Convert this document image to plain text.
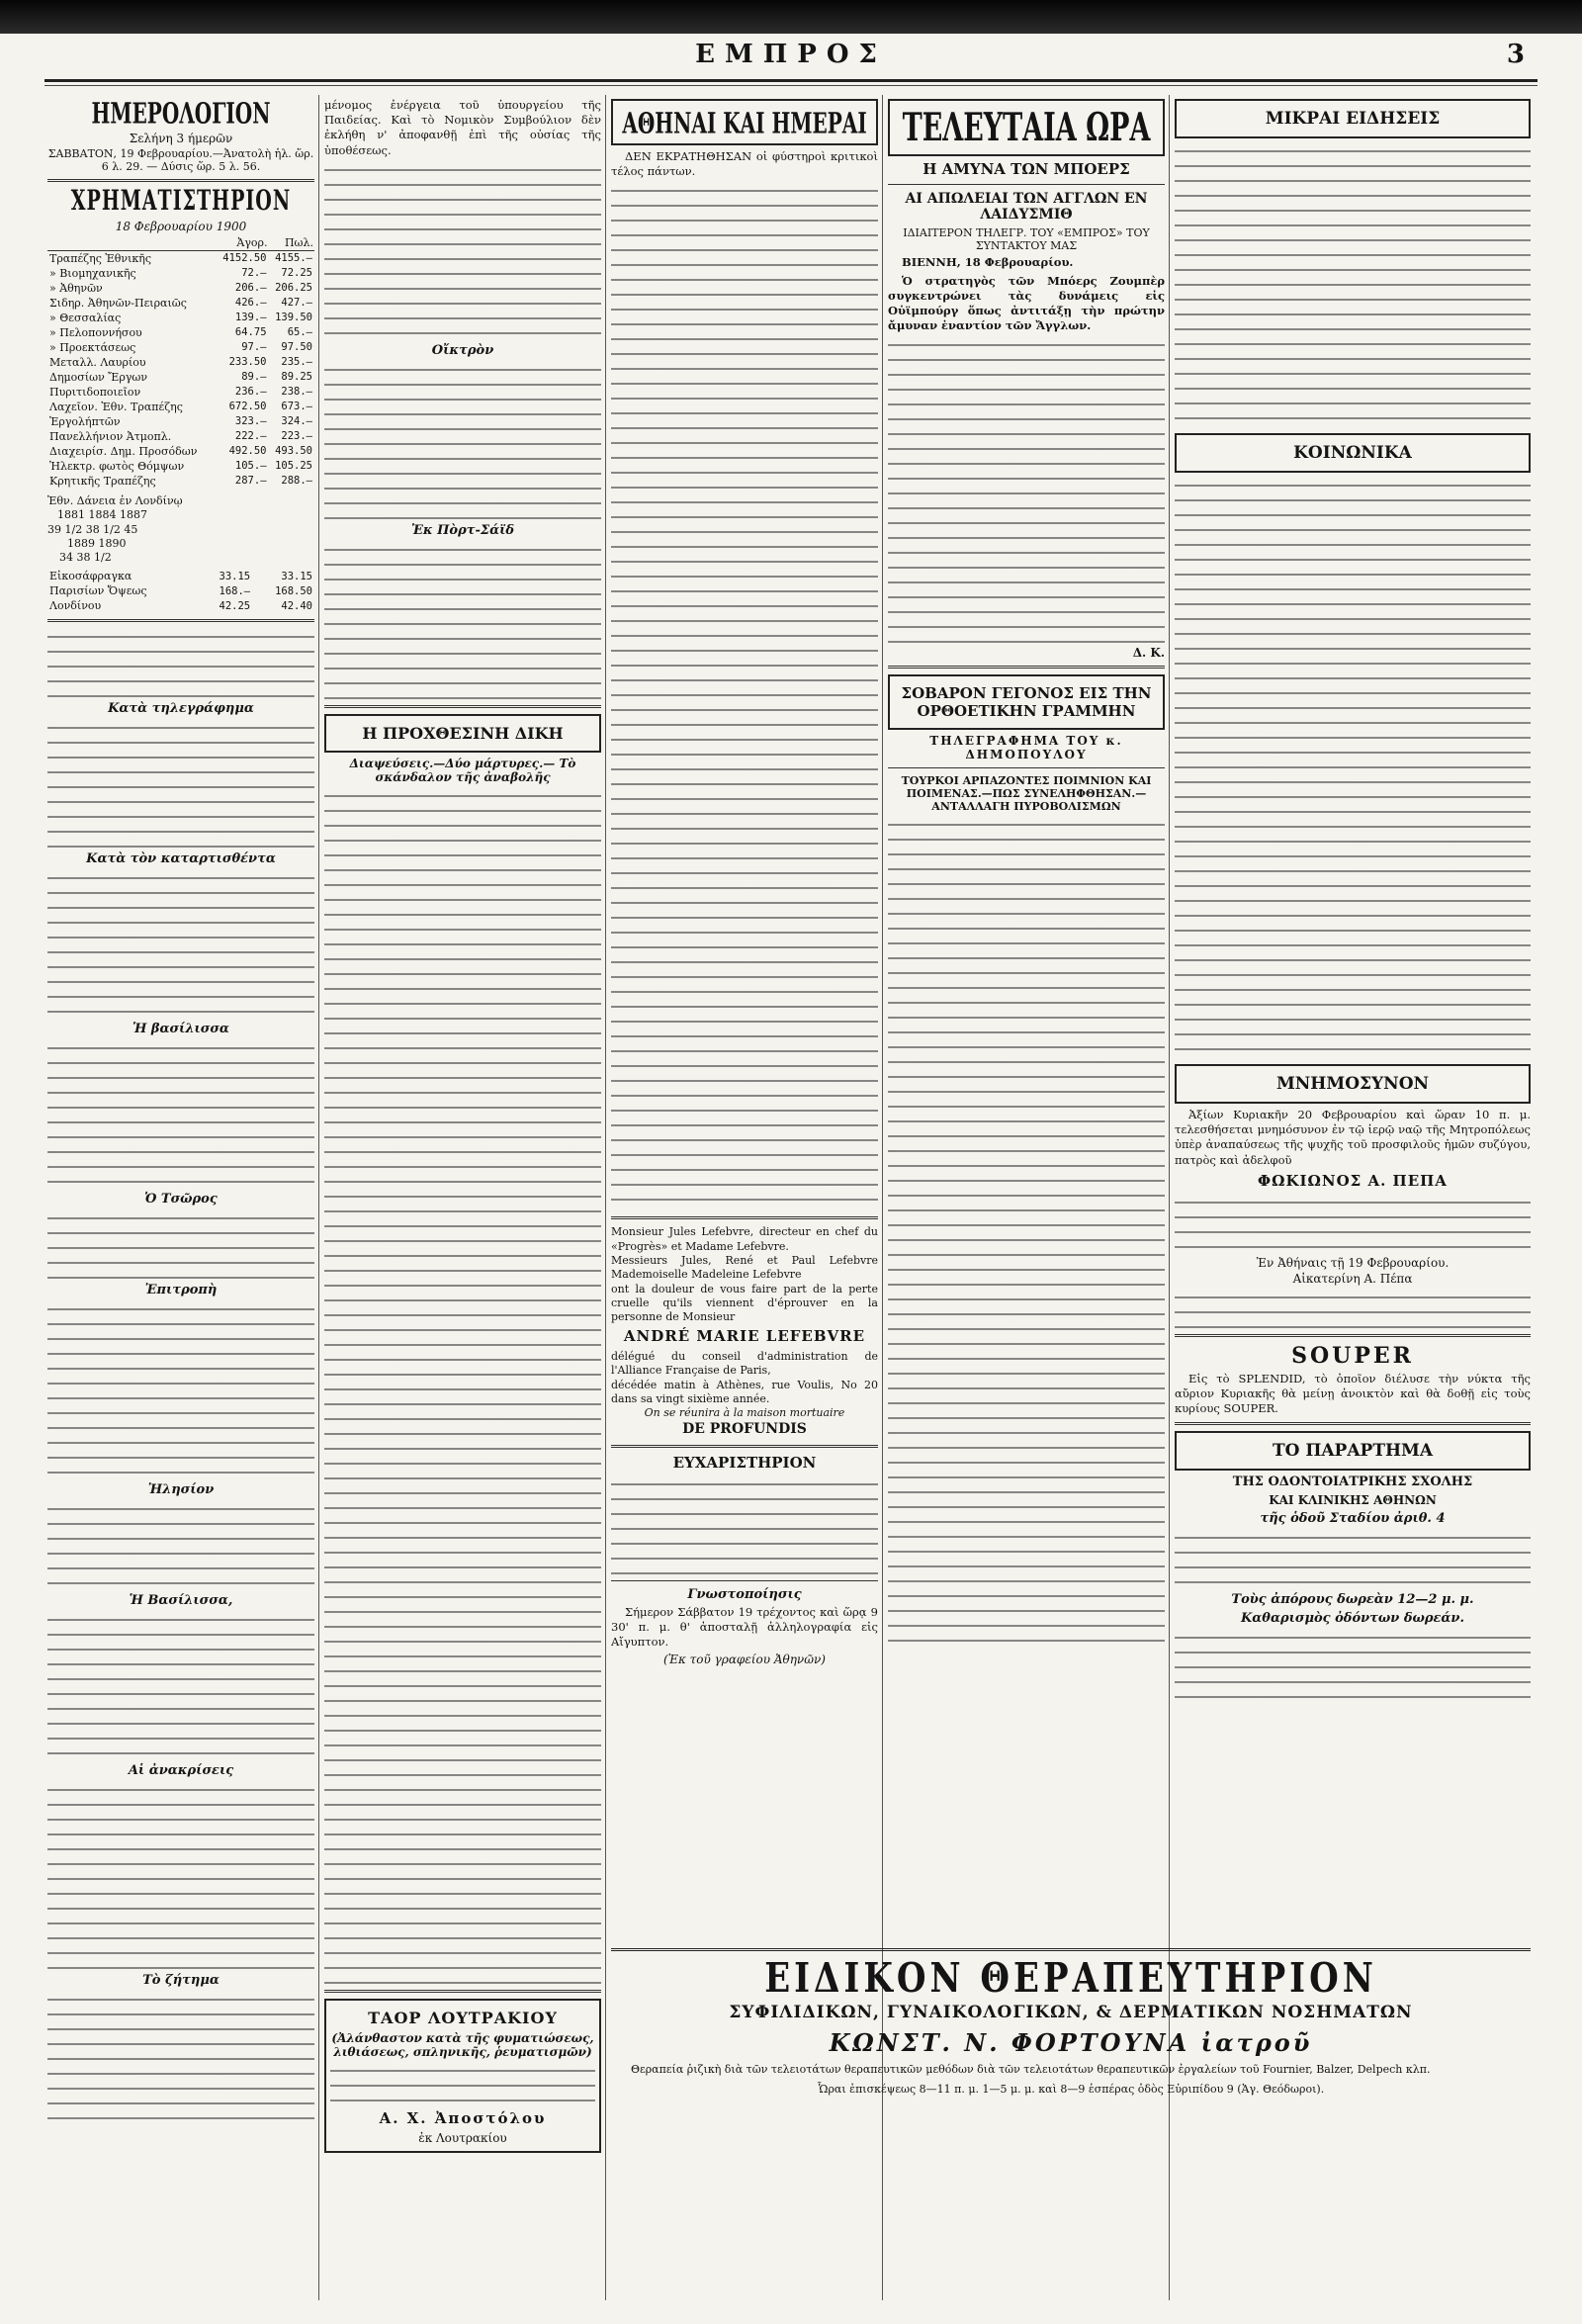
ΕΜΠΡΟΣ	3
ΗΜΕΡΟΛΟΓΙΟΝ
Σελήνη 3 ήμερῶν
ΣΑΒΒΑΤΟΝ, 19 Φεβρουαρίου.—Ἀνατολὴ ἡλ. ὥρ. 6 λ. 29. — Δύσις ὥρ. 5 λ. 56.
ΧΡΗΜΑΤΙΣΤΗΡΙΟΝ
18 Φεβρουαρίου 1900
	Ἀγορ.	Πωλ.
Τραπέζης Ἐθνικῆς	4152.50	4155.—
» Βιομηχανικῆς	72.—	72.25
» Ἀθηνῶν	206.—	206.25
Σιδηρ. Ἀθηνῶν-Πειραιῶς	426.—	427.—
» Θεσσαλίας	139.—	139.50
» Πελοποννήσου	64.75	65.—
» Προεκτάσεως	97.—	97.50
Μεταλλ. Λαυρίου	233.50	235.—
Δημοσίων Ἔργων	89.—	89.25
Πυριτιδοποιεῖον	236.—	238.—
Λαχεῖον. Ἐθν. Τραπέζης	672.50	673.—
Ἐργολήπτῶν	323.—	324.—
Πανελλήνιον Ἀτμοπλ.	222.—	223.—
Διαχειρίσ. Δημ. Προσόδων	492.50	493.50
Ἠλεκτρ. φωτὸς Θόμψων	105.—	105.25
Κρητικῆς Τραπέζης	287.—	288.—
Ἐθν. Δάνεια ἐν Λονδίνῳ
1881 1884 1887
39 1/2 38 1/2 45
1889 1890
34 38 1/2
Εἰκοσάφραγκα	33.15	33.15
Παρισίων Ὄψεως	168.—	168.50
Λονδίνου	42.25	42.40
Κατὰ τηλεγράφημα
Κατὰ τὸν καταρτισθέντα
Ἡ βασίλισσα
Ὁ Τσῶρος
Ἐπιτροπὴ
Ἠλησίον
Ἡ Βασίλισσα,
Αἱ ἀνακρίσεις
Τὸ ζήτημα
μένομος ἐνέργεια τοῦ ὑπουργείου τῆς Παιδείας. Καὶ τὸ Νομικὸν Συμβούλιον δὲν ἐκλήθη ν' ἀποφανθῇ ἐπὶ τῆς οὐσίας τῆς ὑποθέσεως.
Οἴκτρὸν
Ἐκ Πὸρτ-Σάϊδ
Η ΠΡΟΧΘΕΣΙΝΗ ΔΙΚΗ
Διαψεύσεις.—Δύο μάρτυρες.— Τὸ σκάνδαλον τῆς ἀναβολῆς
ΤΑΟΡ ΛΟΥΤΡΑΚΙΟΥ
(Ἀλάνθαστον κατὰ τῆς φυματιώσεως, λιθιάσεως, σπληνικῆς, ῥευματισμῶν)
Α. Χ. Ἀποστόλου
ἐκ Λουτρακίου
ΑΘΗΝΑΙ ΚΑΙ ΗΜΕΡΑΙ
ΔΕΝ ΕΚΡΑΤΗΘΗΣΑΝ οἱ φύστηροὶ κριτικοὶ τέλος πάντων.
Monsieur Jules Lefebvre, directeur en chef du «Progrès» et Madame Lefebvre.
Messieurs Jules, René et Paul Lefebvre Mademoiselle Madeleine Lefebvre
ont la douleur de vous faire part de la perte cruelle qu'ils viennent d'éprouver en la personne de Monsieur
ANDRÉ MARIE LEFEBVRE
délégué du conseil d'administration de l'Alliance Française de Paris,
décédée matin à Athènes, rue Voulis, No 20 dans sa vingt sixième année.
On se réunira à la maison mortuaire
DE PROFUNDIS
ΕΥΧΑΡΙΣΤΗΡΙΟΝ
Γνωστοποίησις
Σήμερον Σάββατον 19 τρέχοντος καὶ ὥρᾳ 9 30' π. μ. θ' ἀποσταλῇ ἀλληλογραφία εἰς Αἴγυπτον.
(Ἐκ τοῦ γραφείου Ἀθηνῶν)
ΤΕΛΕΥΤΑΙΑ ΩΡΑ
Η ΑΜΥΝΑ ΤΩΝ ΜΠΟΕΡΣ
ΑΙ ΑΠΩΛΕΙΑΙ ΤΩΝ ΑΓΓΛΩΝ ΕΝ ΛΑΙΔΥΣΜΙΘ
ΙΔΙΑΙΤΕΡΟΝ ΤΗΛΕΓΡ. ΤΟΥ «ΕΜΠΡΟΣ» ΤΟΥ ΣΥΝΤΑΚΤΟΥ ΜΑΣ
ΒΙΕΝΝΗ, 18 Φεβρουαρίου.
Ὁ στρατηγὸς τῶν Μπόερς Ζουμπὲρ συγκεντρώνει τὰς δυνάμεις εἰς Οὐϊμπούργ ὅπως ἀντιτάξῃ τὴν πρώτην ἄμυναν ἐναντίον τῶν Ἄγγλων.
Δ. Κ.
ΣΟΒΑΡΟΝ ΓΕΓΟΝΟΣ ΕΙΣ ΤΗΝ ΟΡΘΟΕΤΙΚΗΝ ΓΡΑΜΜΗΝ
ΤΗΛΕΓΡΑΦΗΜΑ ΤΟΥ κ. ΔΗΜΟΠΟΥΛΟΥ
ΤΟΥΡΚΟΙ ΑΡΠΑΖΟΝΤΕΣ ΠΟΙΜΝΙΟΝ ΚΑΙ ΠΟΙΜΕΝΑΣ.—ΠΩΣ ΣΥΝΕΛΗΦΘΗΣΑΝ.—ΑΝΤΑΛΛΑΓΗ ΠΥΡΟΒΟΛΙΣΜΩΝ
ΜΙΚΡΑΙ ΕΙΔΗΣΕΙΣ
ΚΟΙΝΩΝΙΚΑ
ΜΝΗΜΟΣΥΝΟΝ
Ἀξίων Κυριακῆν 20 Φεβρουαρίου καὶ ὥραν 10 π. μ. τελεσθήσεται μνημόσυνον ἐν τῷ ἱερῷ ναῷ τῆς Μητροπόλεως ὑπὲρ ἀναπαύσεως τῆς ψυχῆς τοῦ προσφιλοῦς ἡμῶν συζύγου, πατρὸς καὶ ἀδελφοῦ
ΦΩΚΙΩΝΟΣ Α. ΠΕΠΑ
Ἐν Ἀθήναις τῇ 19 Φεβρουαρίου.
Αἰκατερίνη Α. Πέπα
SOUPER
Εἰς τὸ SPLENDID, τὸ ὁποῖον διέλυσε τὴν νύκτα τῆς αὔριον Κυριακῆς θὰ μείνῃ ἀνοικτὸν καὶ θὰ δοθῇ εἰς τοὺς κυρίους SOUPER.
ΤΟ ΠΑΡΑΡΤΗΜΑ
ΤΗΣ ΟΔΟΝΤΟΙΑΤΡΙΚΗΣ ΣΧΟΛΗΣ
ΚΑΙ ΚΛΙΝΙΚΗΣ ΑΘΗΝΩΝ
τῆς ὁδοῦ Σταδίου ἀριθ. 4
Τοὺς ἀπόρους δωρεὰν 12—2 μ. μ.
Καθαρισμὸς ὀδόντων δωρεάν.
ΕΙΔΙΚΟΝ ΘΕΡΑΠΕΥΤΗΡΙΟΝ
ΣΥΦΙΛΙΔΙΚΩΝ, ΓΥΝΑΙΚΟΛΟΓΙΚΩΝ, & ΔΕΡΜΑΤΙΚΩΝ ΝΟΣΗΜΑΤΩΝ
ΚΩΝΣΤ. Ν. ΦΟΡΤΟΥΝΑ ἰατροῦ
Θεραπεία ῥιζικὴ διὰ τῶν τελειοτάτων θεραπευτικῶν μεθόδων διὰ τῶν τελειοτάτων θεραπευτικῶν ἐργαλείων τοῦ Fournier, Balzer, Delpech κλπ.
Ὧραι ἐπισκέψεως 8—11 π. μ. 1—5 μ. μ. καὶ 8—9 ἑσπέρας ὁδὸς Εὐριπίδου 9 (Ἁγ. Θεόδωροι).
